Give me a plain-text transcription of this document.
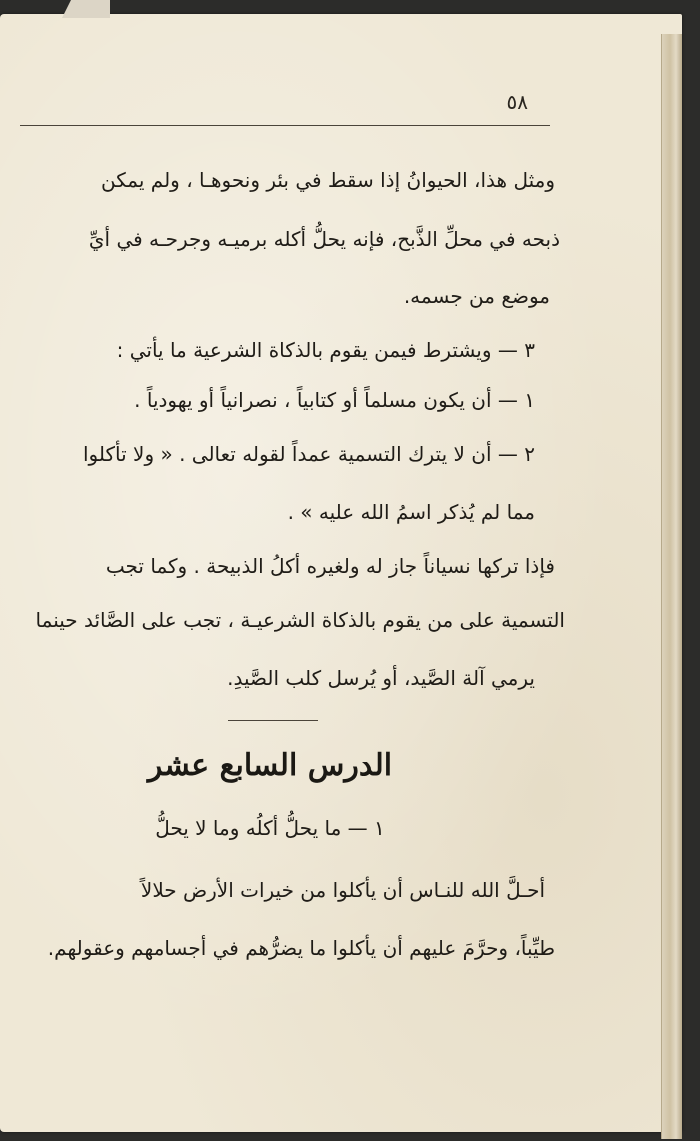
٥٨
ومثل هذا، الحيوانُ إذا سقط في بئر ونحوهـا ، ولم يمكن
ذبحه في محلِّ الذَّبح، فإنه يحلُّ أكله برميـه وجرحـه في أيِّ
موضع من جسمه.
٣ — ويشترط فيمن يقوم بالذكاة الشرعية ما يأتي :
١ — أن يكون مسلماً أو كتابياً ، نصرانياً أو يهودياً .
٢ — أن لا يترك التسمية عمداً لقوله تعالى . « ولا تأكلوا
مما لم يُذكر اسمُ الله عليه » .
فإذا تركها نسياناً جاز له ولغيره أكلُ الذبيحة . وكما تجب
التسمية على من يقوم بالذكاة الشرعيـة ، تجب على الصَّائد حينما
يرمي آلة الصَّيد، أو يُرسل كلب الصَّيدِ.
الدرس السابع عشر
١ — ما يحلُّ أكلُه وما لا يحلُّ
أحـلَّ الله للنـاس أن يأكلوا من خيرات الأرض حلالاً
طيِّباً، وحرَّمَ عليهم أن يأكلوا ما يضرُّهم في أجسامهم وعقولهم.
